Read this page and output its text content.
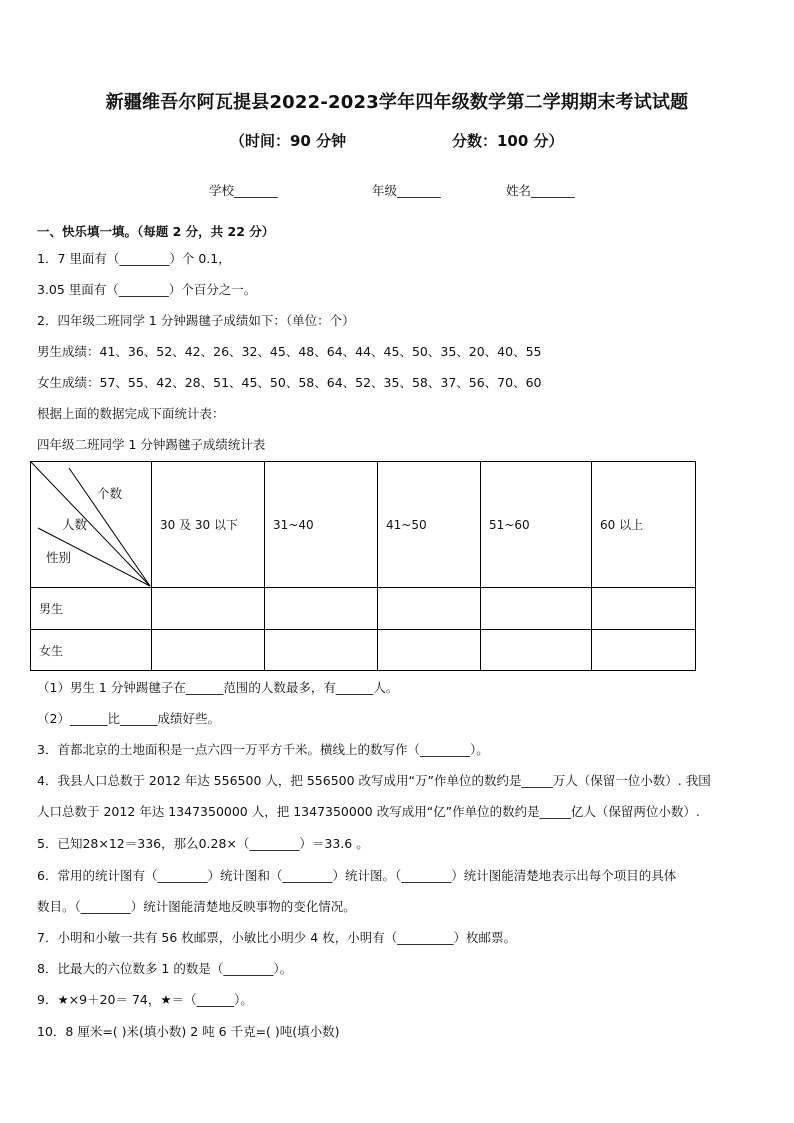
新疆维吾尔阿瓦提县2022-2023学年四年级数学第二学期期末考试试题
（时间：90 分钟	分数：100 分）
学校_______	年级_______	姓名_______
一、快乐填一填。（每题 2 分，共 22 分）
1．7 里面有（________）个 0.1，
3.05 里面有（________）个百分之一。
2．四年级二班同学 1 分钟踢毽子成绩如下：（单位：个）
男生成绩：41、36、52、42、26、32、45、48、64、44、45、50、35、20、40、55
女生成绩：57、55、42、28、51、45、50、58、64、52、35、58、37、56、70、60
根据上面的数据完成下面统计表：
四年级二班同学 1 分钟踢毽子成绩统计表
个数
人数
性别	30 及 30 以下	31~40	41~50	51~60	60 以上
男生					
女生					
（1）男生 1 分钟踢毽子在______范围的人数最多，有______人。
（2）______比______成绩好些。
3．首都北京的土地面积是一点六四一万平方千米。横线上的数写作（________）。
4．我县人口总数于 2012 年达 556500 人，把 556500 改写成用“万”作单位的数约是_____万人（保留一位小数）. 我国
人口总数于 2012 年达 1347350000 人，把 1347350000 改写成用“亿”作单位的数约是_____亿人（保留两位小数）.
5．已知28×12＝336，那么0.28×（________）＝33.6 。
6．常用的统计图有（________）统计图和（________）统计图。（________）统计图能清楚地表示出每个项目的具体
数目。（________）统计图能清楚地反映事物的变化情况。
7．小明和小敏一共有 56 枚邮票，小敏比小明少 4 枚，小明有（_________）枚邮票。
8．比最大的六位数多 1 的数是（________）。
9．★×9＋20＝ 74，★＝（______）。
10．8 厘米=( )米(填小数) 2 吨 6 千克=( )吨(填小数)
